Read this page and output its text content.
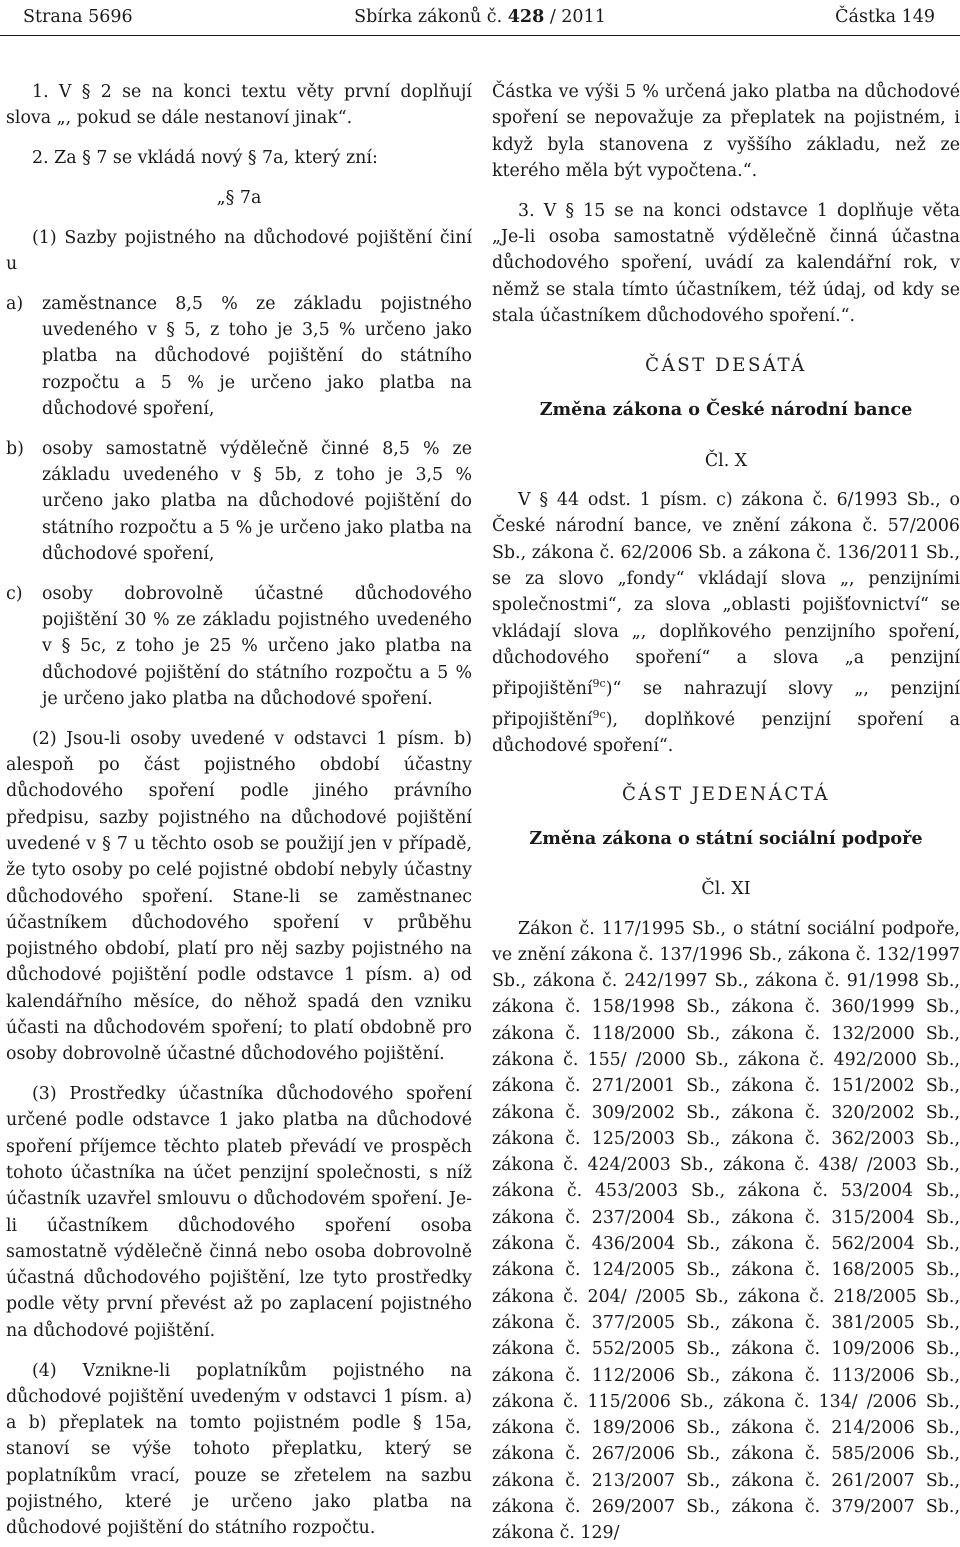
Strana 5696	Sbírka zákonů č. 428 / 2011	Částka 149

1. V § 2 se na konci textu věty první doplňují slova „, pokud se dále nestanoví jinak“.

2. Za § 7 se vkládá nový § 7a, který zní:

„§ 7a

(1) Sazby pojistného na důchodové pojištění činí u

a)	zaměstnance 8,5 % ze základu pojistného uvedeného v § 5, z toho je 3,5 % určeno jako platba na důchodové pojištění do státního rozpočtu a 5 % je určeno jako platba na důchodové spoření,
b)	osoby samostatně výdělečně činné 8,5 % ze základu uvedeného v § 5b, z toho je 3,5 % určeno jako platba na důchodové pojištění do státního rozpočtu a 5 % je určeno jako platba na důchodové spoření,
c)	osoby dobrovolně účastné důchodového pojištění 30 % ze základu pojistného uvedeného v § 5c, z toho je 25 % určeno jako platba na důchodové pojištění do státního rozpočtu a 5 % je určeno jako platba na důchodové spoření.

(2) Jsou-li osoby uvedené v odstavci 1 písm. b) alespoň po část pojistného období účastny důchodového spoření podle jiného právního předpisu, sazby pojistného na důchodové pojištění uvedené v § 7 u těchto osob se použijí jen v případě, že tyto osoby po celé pojistné období nebyly účastny důchodového spoření. Stane-li se zaměstnanec účastníkem důchodového spoření v průběhu pojistného období, platí pro něj sazby pojistného na důchodové pojištění podle odstavce 1 písm. a) od kalendářního měsíce, do něhož spadá den vzniku účasti na důchodovém spoření; to platí obdobně pro osoby dobrovolně účastné důchodového pojištění.

(3) Prostředky účastníka důchodového spoření určené podle odstavce 1 jako platba na důchodové spoření příjemce těchto plateb převádí ve prospěch tohoto účastníka na účet penzijní společnosti, s níž účastník uzavřel smlouvu o důchodovém spoření. Je-li účastníkem důchodového spoření osoba samostatně výdělečně činná nebo osoba dobrovolně účastná důchodového pojištění, lze tyto prostředky podle věty první převést až po zaplacení pojistného na důchodové pojištění.

(4) Vznikne-li poplatníkům pojistného na důchodové pojištění uvedeným v odstavci 1 písm. a) a b) přeplatek na tomto pojistném podle § 15a, stanoví se výše tohoto přeplatku, který se poplatníkům vrací, pouze se zřetelem na sazbu pojistného, které je určeno jako platba na důchodové pojištění do státního rozpočtu.

Částka ve výši 5 % určená jako platba na důchodové spoření se nepovažuje za přeplatek na pojistném, i když byla stanovena z vyššího základu, než ze kterého měla být vypočtena.“.

3. V § 15 se na konci odstavce 1 doplňuje věta „Je-li osoba samostatně výdělečně činná účastna důchodového spoření, uvádí za kalendářní rok, v němž se stala tímto účastníkem, též údaj, od kdy se stala účastníkem důchodového spoření.“.

ČÁST DESÁTÁ
Změna zákona o České národní bance
Čl. X

V § 44 odst. 1 písm. c) zákona č. 6/1993 Sb., o České národní bance, ve znění zákona č. 57/2006 Sb., zákona č. 62/2006 Sb. a zákona č. 136/2011 Sb., se za slovo „fondy“ vkládají slova „, penzijními společnostmi“, za slova „oblasti pojišťovnictví“ se vkládají slova „, doplňkového penzijního spoření, důchodového spoření“ a slova „a penzijní připojištění$^{9c}$)“ se nahrazují slovy „, penzijní připojištění$^{9c}$), doplňkové penzijní spoření a důchodové spoření“.

ČÁST JEDENÁCTÁ
Změna zákona o státní sociální podpoře
Čl. XI

Zákon č. 117/1995 Sb., o státní sociální podpoře, ve znění zákona č. 137/1996 Sb., zákona č. 132/1997 Sb., zákona č. 242/1997 Sb., zákona č. 91/1998 Sb., zákona č. 158/1998 Sb., zákona č. 360/1999 Sb., zákona č. 118/2000 Sb., zákona č. 132/2000 Sb., zákona č. 155/ /2000 Sb., zákona č. 492/2000 Sb., zákona č. 271/2001 Sb., zákona č. 151/2002 Sb., zákona č. 309/2002 Sb., zákona č. 320/2002 Sb., zákona č. 125/2003 Sb., zákona č. 362/2003 Sb., zákona č. 424/2003 Sb., zákona č. 438/ /2003 Sb., zákona č. 453/2003 Sb., zákona č. 53/2004 Sb., zákona č. 237/2004 Sb., zákona č. 315/2004 Sb., zákona č. 436/2004 Sb., zákona č. 562/2004 Sb., zákona č. 124/2005 Sb., zákona č. 168/2005 Sb., zákona č. 204/ /2005 Sb., zákona č. 218/2005 Sb., zákona č. 377/2005 Sb., zákona č. 381/2005 Sb., zákona č. 552/2005 Sb., zákona č. 109/2006 Sb., zákona č. 112/2006 Sb., zákona č. 113/2006 Sb., zákona č. 115/2006 Sb., zákona č. 134/ /2006 Sb., zákona č. 189/2006 Sb., zákona č. 214/2006 Sb., zákona č. 267/2006 Sb., zákona č. 585/2006 Sb., zákona č. 213/2007 Sb., zákona č. 261/2007 Sb., zákona č. 269/2007 Sb., zákona č. 379/2007 Sb., zákona č. 129/
